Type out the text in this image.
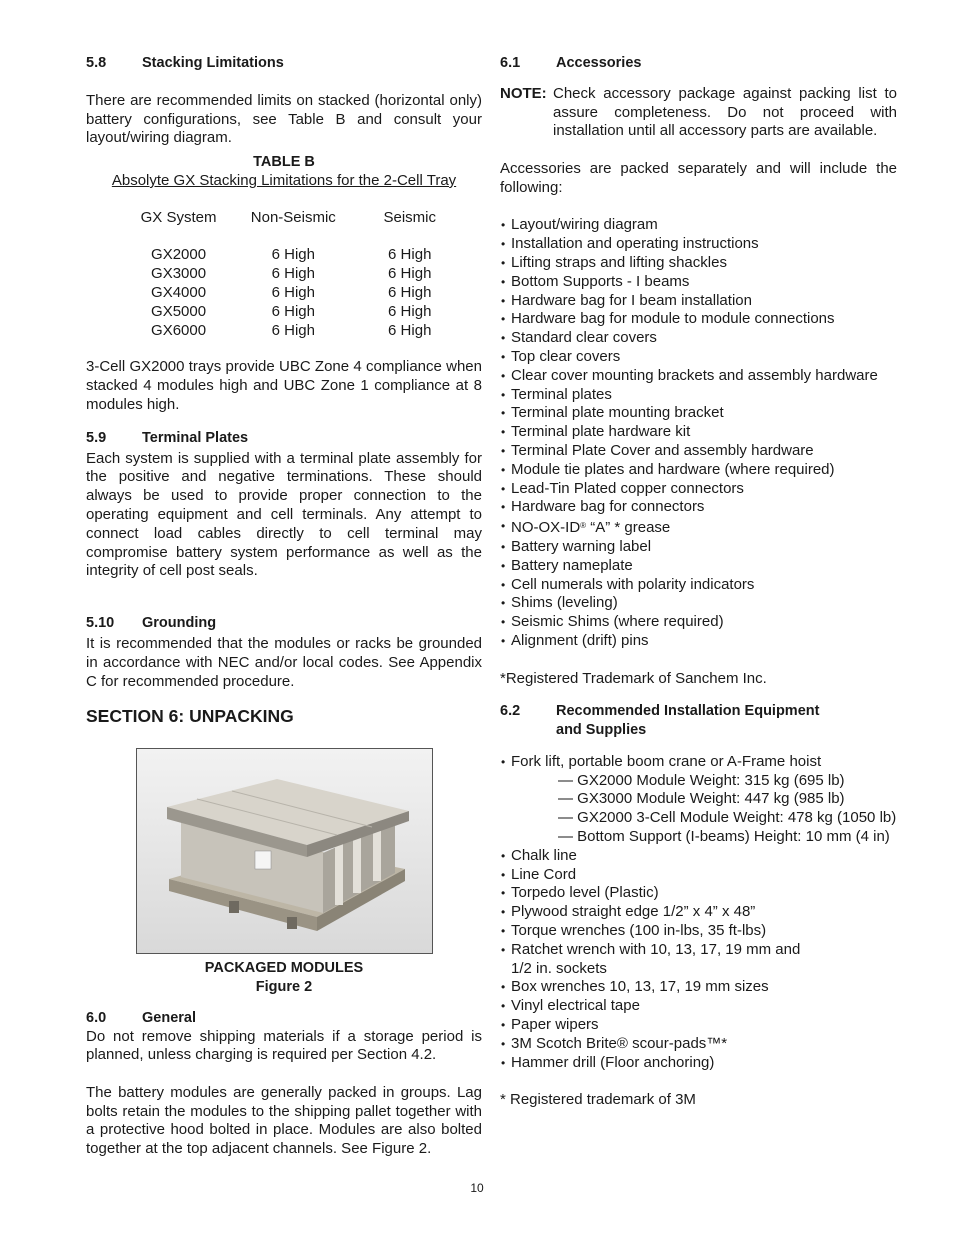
5.8	Stacking Limitations

There are recommended limits on stacked (horizontal only) battery configurations, see Table B and consult your layout/wiring diagram.

TABLE B
Absolyte GX Stacking Limitations for the 2-Cell Tray
GX System	Non-Seismic	Seismic

GX2000	6 High	6 High
GX3000	6 High	6 High
GX4000	6 High	6 High
GX5000	6 High	6 High
GX6000	6 High	6 High

3-Cell GX2000 trays provide UBC Zone 4 compliance when stacked 4 modules high and UBC Zone 1 compliance at 8 modules high.

5.9	Terminal Plates

Each system is supplied with a terminal plate assembly for the positive and negative terminations. These should always be used to provide proper connection to the operating equipment and cell terminals. Any attempt to connect load cables directly to cell terminal may compromise battery system performance as well as the integrity of cell post seals.

5.10	Grounding

It is recommended that the modules or racks be grounded in accordance with NEC and/or local codes. See Appendix C for recommended procedure.

SECTION 6: UNPACKING
PACKAGED MODULES
Figure 2
6.0	General

Do not remove shipping materials if a storage period is planned, unless charging is required per Section 4.2.

The battery modules are generally packed in groups. Lag bolts retain the modules to the shipping pallet together with a protective hood bolted in place. Modules are also bolted together at the top adjacent channels. See Figure 2.

6.1	Accessories
NOTE: Check accessory package against packing list to assure completeness. Do not proceed with installation until all accessory parts are available.

Accessories are packed separately and will include the following:

• Layout/wiring diagram
• Installation and operating instructions
• Lifting straps and lifting shackles
• Bottom Supports - I beams
• Hardware bag for I beam installation
• Hardware bag for module to module connections
• Standard clear covers
• Top clear covers
• Clear cover mounting brackets and assembly hardware
• Terminal plates
• Terminal plate mounting bracket
• Terminal plate hardware kit
• Terminal Plate Cover and assembly hardware
• Module tie plates and hardware (where required)
• Lead-Tin Plated copper connectors
• Hardware bag for connectors
• NO-OX-ID® “A” * grease
• Battery warning label
• Battery nameplate
• Cell numerals with polarity indicators
• Shims (leveling)
• Seismic Shims (where required)
• Alignment (drift) pins

*Registered Trademark of Sanchem Inc.

6.2	Recommended Installation Equipment
and Supplies
• Fork lift, portable boom crane or A-Frame hoist
— GX2000 Module Weight: 315 kg (695 lb)
— GX3000 Module Weight: 447 kg (985 lb)
— GX2000 3-Cell Module Weight: 478 kg (1050 lb)
— Bottom Support (I-beams) Height: 10 mm (4 in)
• Chalk line
• Line Cord
• Torpedo level (Plastic)
• Plywood straight edge 1/2” x 4” x 48”
• Torque wrenches (100 in-lbs, 35 ft-lbs)
• Ratchet wrench with 10, 13, 17, 19 mm and
1/2 in. sockets
• Box wrenches 10, 13, 17, 19 mm sizes
• Vinyl electrical tape
• Paper wipers
• 3M Scotch Brite® scour-pads™*
• Hammer drill (Floor anchoring)

* Registered trademark of 3M

10
